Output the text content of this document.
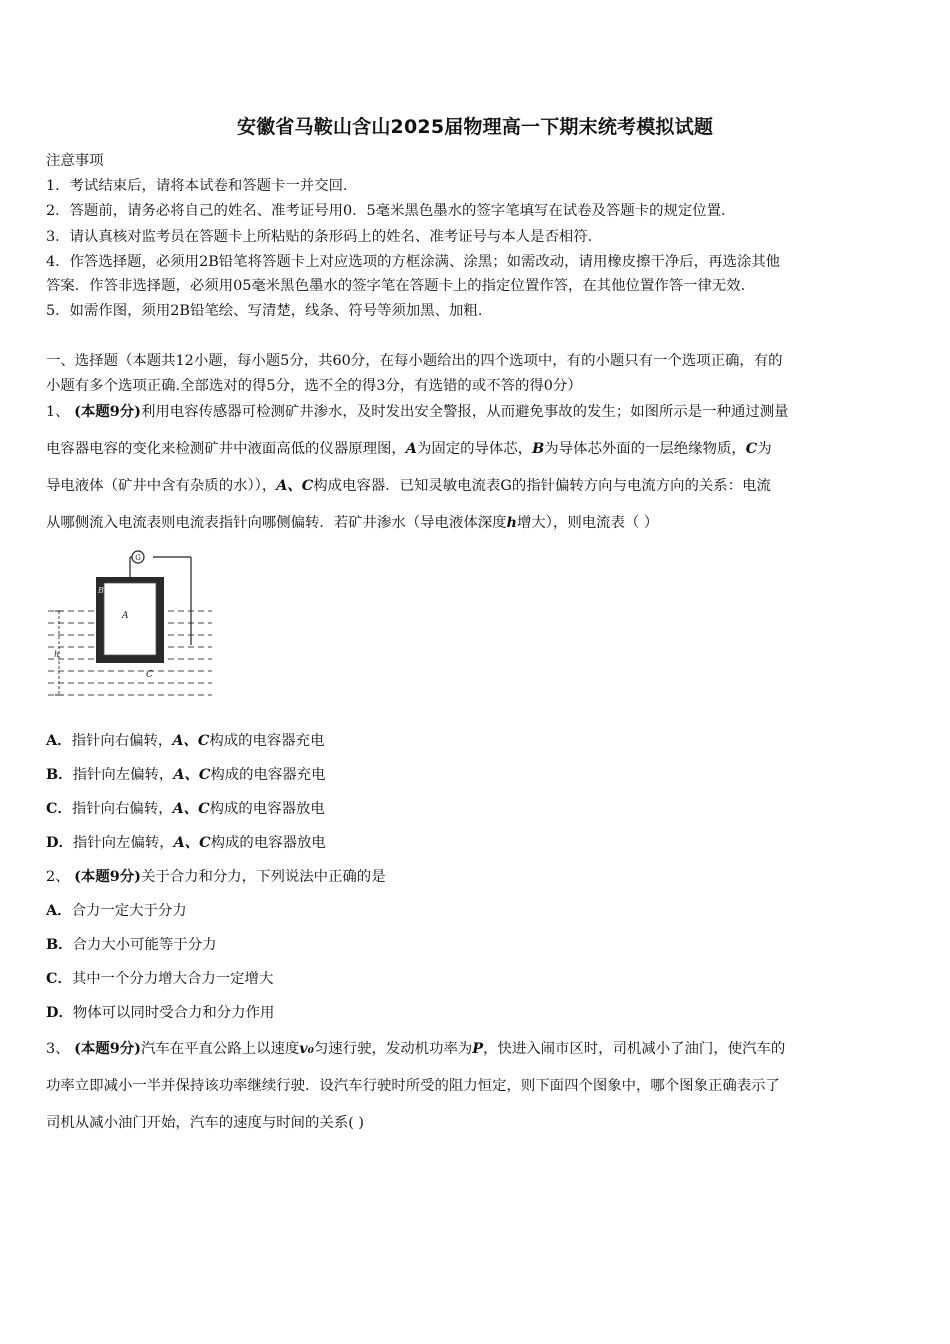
安徽省马鞍山含山2025届物理高一下期末统考模拟试题
注意事项
1．考试结束后，请将本试卷和答题卡一并交回．
2．答题前，请务必将自己的姓名、准考证号用0．5毫米黑色墨水的签字笔填写在试卷及答题卡的规定位置．
3．请认真核对监考员在答题卡上所粘贴的条形码上的姓名、准考证号与本人是否相符．
4．作答选择题，必须用2B铅笔将答题卡上对应选项的方框涂满、涂黑；如需改动，请用橡皮擦干净后，再选涂其他
答案．作答非选择题，必须用05毫米黑色墨水的签字笔在答题卡上的指定位置作答，在其他位置作答一律无效．
5．如需作图，须用2B铅笔绘、写清楚，线条、符号等须加黑、加粗．
一、选择题（本题共12小题，每小题5分，共60分，在每小题给出的四个选项中，有的小题只有一个选项正确，有的
小题有多个选项正确.全部选对的得5分，选不全的得3分，有选错的或不答的得0分）
1、 (本题9分)利用电容传感器可检测矿井渗水，及时发出安全警报，从而避免事故的发生；如图所示是一种通过测量
电容器电容的变化来检测矿井中液面高低的仪器原理图，A为固定的导体芯，B为导体芯外面的一层绝缘物质，C为
导电液体（矿井中含有杂质的水）），A、C构成电容器．已知灵敏电流表G的指针偏转方向与电流方向的关系：电流
从哪侧流入电流表则电流表指针向哪侧偏转．若矿井渗水（导电液体深度h增大），则电流表（ ）
G
A
B
C
h
A．指针向右偏转，A、C构成的电容器充电
B．指针向左偏转，A、C构成的电容器充电
C．指针向右偏转，A、C构成的电容器放电
D．指针向左偏转，A、C构成的电容器放电
2、 (本题9分)关于合力和分力，下列说法中正确的是
A．合力一定大于分力
B．合力大小可能等于分力
C．其中一个分力增大合力一定增大
D．物体可以同时受合力和分力作用
3、 (本题9分)汽车在平直公路上以速度v₀匀速行驶，发动机功率为P，快进入闹市区时，司机减小了油门，使汽车的
功率立即减小一半并保持该功率继续行驶．设汽车行驶时所受的阻力恒定，则下面四个图象中，哪个图象正确表示了
司机从减小油门开始，汽车的速度与时间的关系( )
